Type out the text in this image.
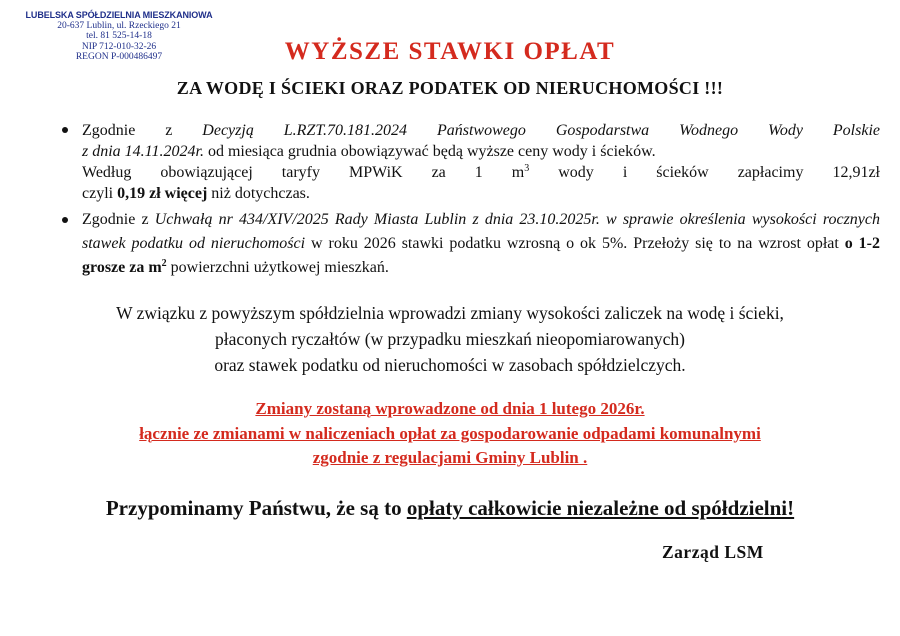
LUBELSKA SPÓŁDZIELNIA MIESZKANIOWA
20-637 Lublin, ul. Rzeckiego 21
tel. 81 525-14-18
NIP 712-010-32-26
REGON P-000486497	WYŻSZE STAWKI OPŁAT
ZA WODĘ I ŚCIEKI ORAZ PODATEK OD NIERUCHOMOŚCI !!!
Zgodnie z Decyzją L.RZT.70.181.2024 Państwowego Gospodarstwa Wodnego Wody Polskie
z dnia 14.11.2024r. od miesiąca grudnia obowiązywać będą wyższe ceny wody i ścieków.
Według obowiązującej taryfy MPWiK za 1 $m^3$ wody i ścieków zapłacimy 12,91zł
czyli 0,19 zł więcej niż dotychczas.
Zgodnie z Uchwałą nr 434/XIV/2025 Rady Miasta Lublin z dnia 23.10.2025r. w sprawie określenia wysokości rocznych stawek podatku od nieruchomości w roku 2026 stawki podatku wzrosną o ok 5%. Przełoży się to na wzrost opłat o 1-2 grosze za $m^2$ powierzchni użytkowej mieszkań.
W związku z powyższym spółdzielnia wprowadzi zmiany wysokości zaliczek na wodę i ścieki,
płaconych ryczałtów (w przypadku mieszkań nieopomiarowanych)
oraz stawek podatku od nieruchomości w zasobach spółdzielczych.
Zmiany zostaną wprowadzone od dnia 1 lutego 2026r.
łącznie ze zmianami w naliczeniach opłat za gospodarowanie odpadami komunalnymi
zgodnie z regulacjami Gminy Lublin .
Przypominamy Państwu, że są to opłaty całkowicie niezależne od spółdzielni!
Zarząd LSM
